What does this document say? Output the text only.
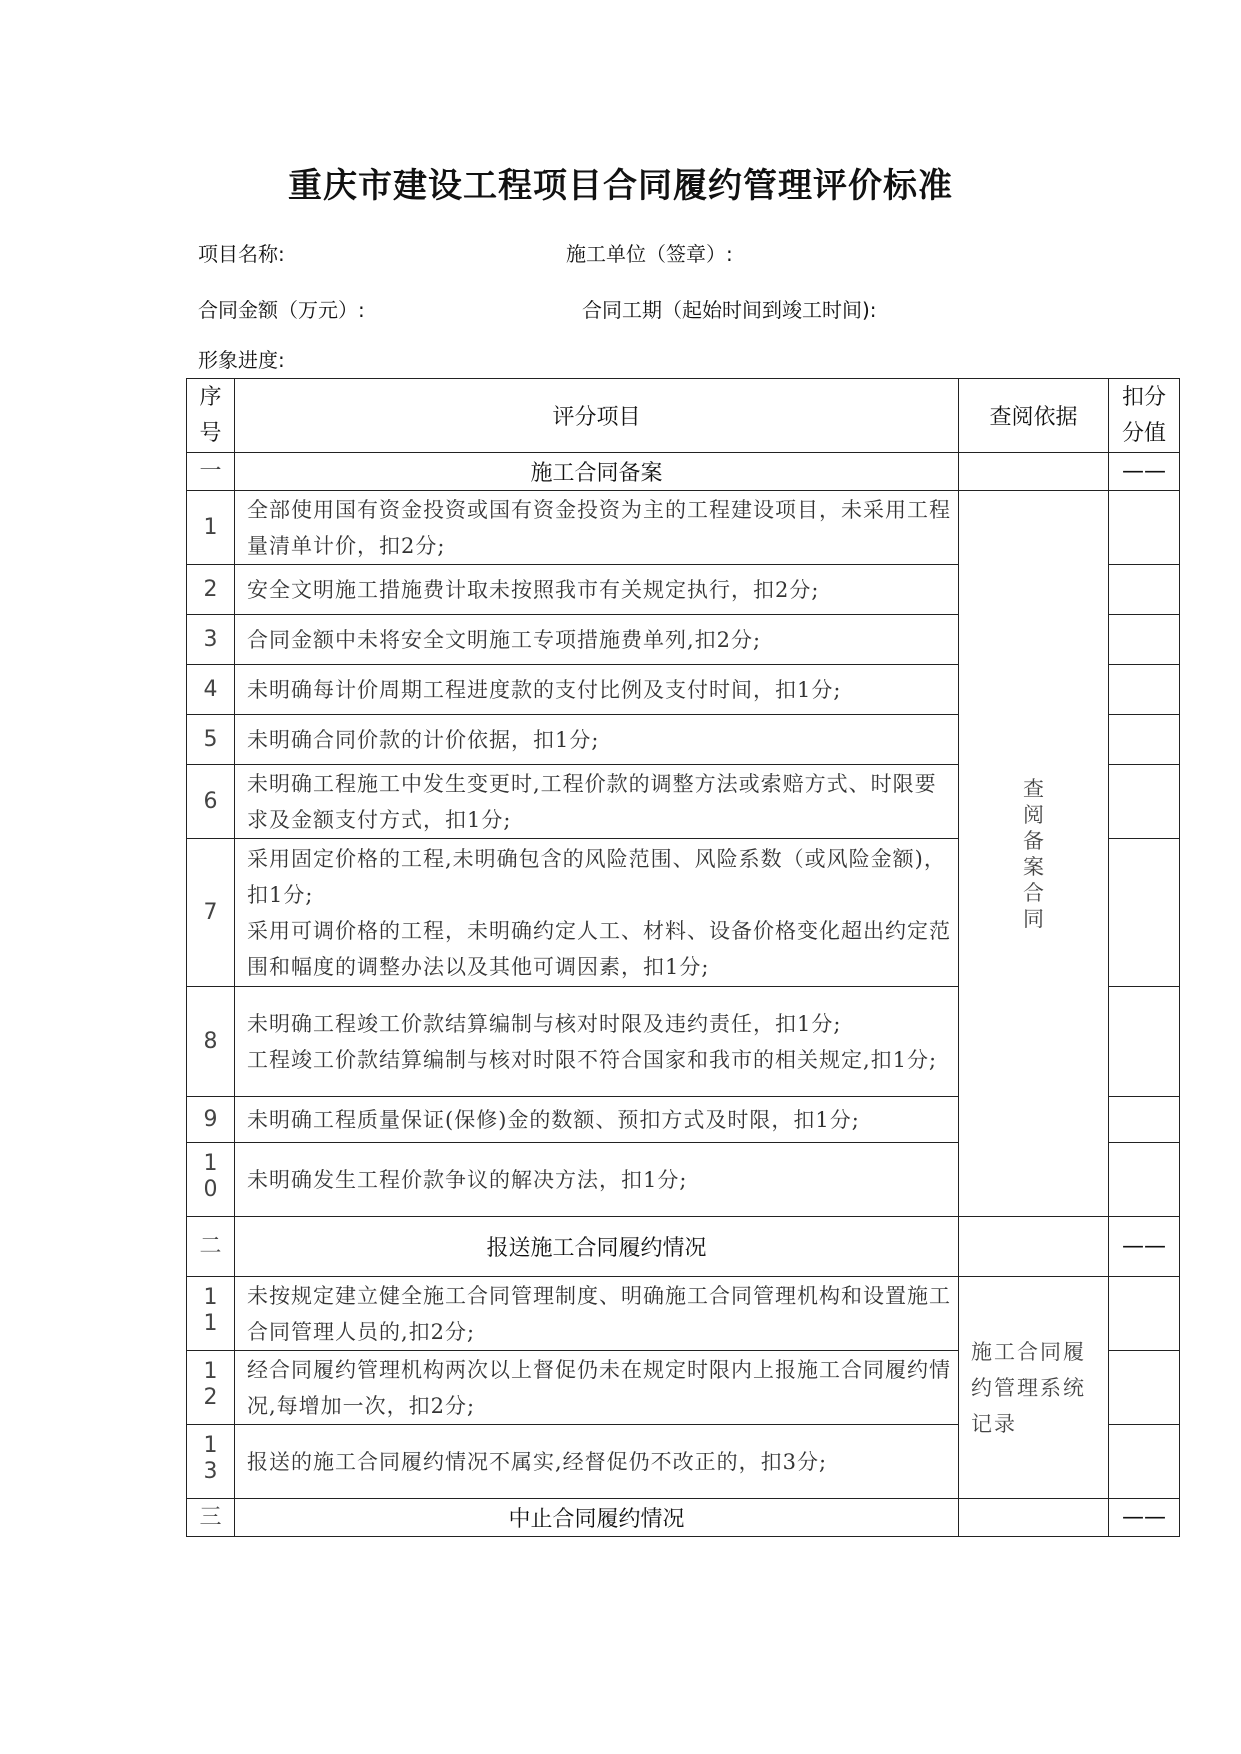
重庆市建设工程项目合同履约管理评价标准
项目名称:	施工单位（签章）:
合同金额（万元）:	合同工期（起始时间到竣工时间):
形象进度:
序号	评分项目	查阅依据	扣分分值
一	施工合同备案		——
1	全部使用国有资金投资或国有资金投资为主的工程建设项目，未采用工程量清单计价，扣2分;	查阅备案合同	
2	安全文明施工措施费计取未按照我市有关规定执行，扣2分;		
3	合同金额中未将安全文明施工专项措施费单列,扣2分;		
4	未明确每计价周期工程进度款的支付比例及支付时间，扣1分;		
5	未明确合同价款的计价依据，扣1分;		
6	未明确工程施工中发生变更时,工程价款的调整方法或索赔方式、时限要求及金额支付方式，扣1分;		
7	采用固定价格的工程,未明确包含的风险范围、风险系数（或风险金额)，扣1分;
采用可调价格的工程，未明确约定人工、材料、设备价格变化超出约定范围和幅度的调整办法以及其他可调因素，扣1分;		
8	未明确工程竣工价款结算编制与核对时限及违约责任，扣1分;
工程竣工价款结算编制与核对时限不符合国家和我市的相关规定,扣1分;		
9	未明确工程质量保证(保修)金的数额、预扣方式及时限，扣1分;		
10	未明确发生工程价款争议的解决方法，扣1分;		
二	报送施工合同履约情况		——
11	未按规定建立健全施工合同管理制度、明确施工合同管理机构和设置施工合同管理人员的,扣2分;	施工合同履约管理系统记录	
12	经合同履约管理机构两次以上督促仍未在规定时限内上报施工合同履约情况,每增加一次，扣2分;		
13	报送的施工合同履约情况不属实,经督促仍不改正的，扣3分;		
三	中止合同履约情况		——
